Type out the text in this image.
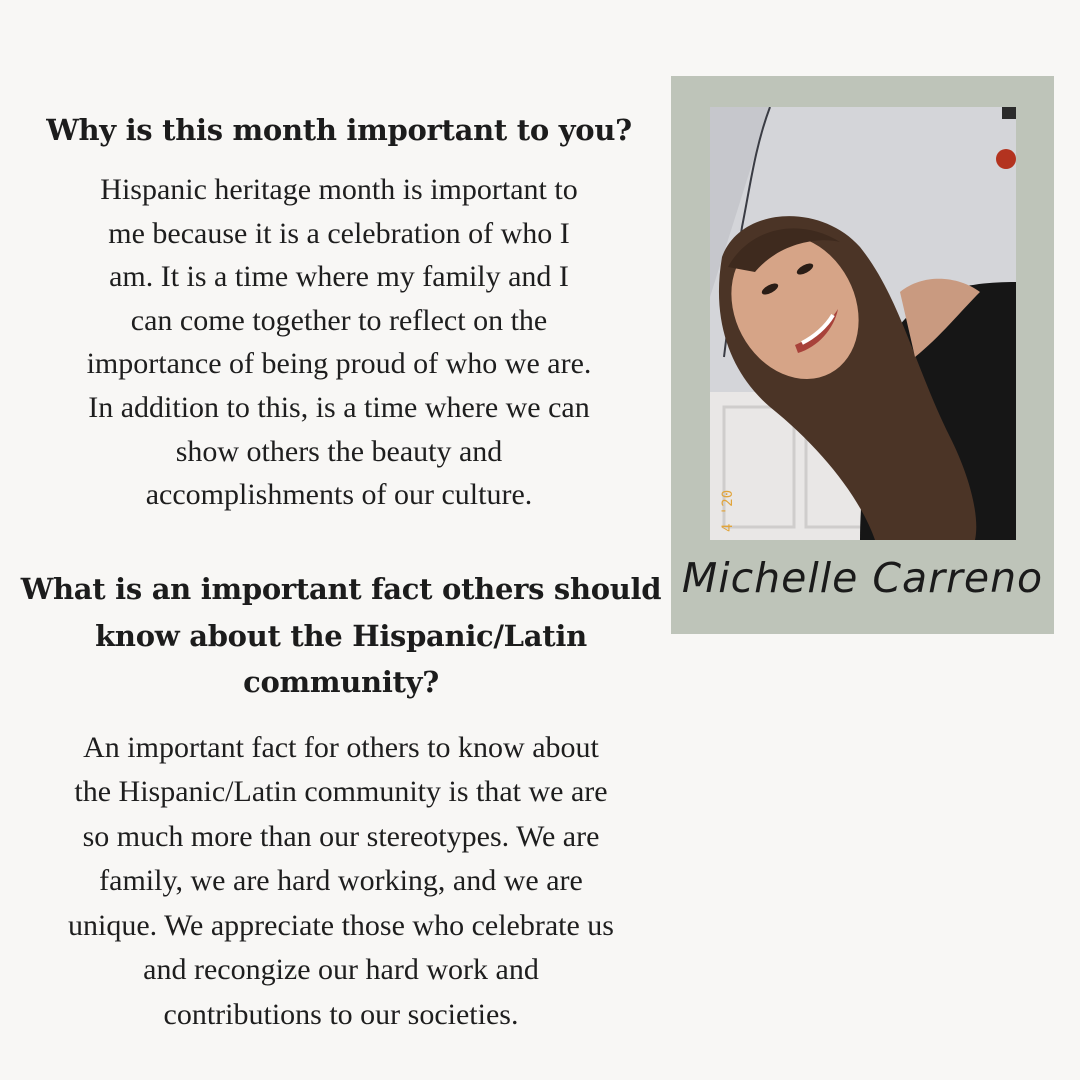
Why is this month important to you?

Hispanic heritage month is important to
me because it is a celebration of who I
am. It is a time where my family and I
can come together to reflect on the
importance of being proud of who we are.
In addition to this, is a time where we can
show others the beauty and
accomplishments of our culture.

What is an important fact others should
know about the Hispanic/Latin
community?

An important fact for others to know about
the Hispanic/Latin community is that we are
so much more than our stereotypes. We are
family, we are hard working, and we are
unique. We appreciate those who celebrate us
and recongize our hard work and
contributions to our societies.

4 '20
Michelle Carreno
